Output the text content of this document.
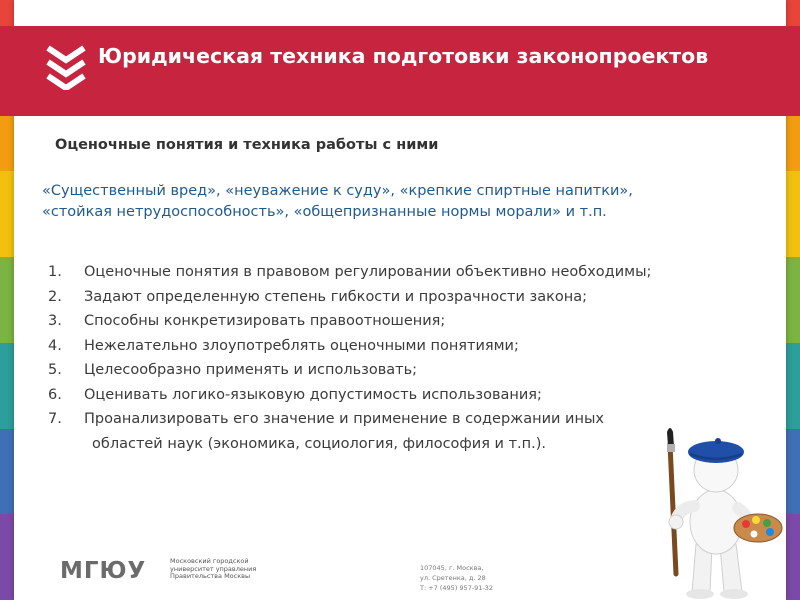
Юридическая техника подготовки законопроектов
Оценочные понятия и техника работы с ними
«Существенный вред», «неуважение к суду», «крепкие спиртные напитки»,
«стойкая нетрудоспособность», «общепризнанные нормы морали» и т.п.
1. Оценочные понятия в правовом регулировании объективно необходимы;
2. Задают определенную степень гибкости и прозрачности закона;
3. Способны конкретизировать правоотношения;
4. Нежелательно злоупотреблять оценочными понятиями;
5. Целесообразно применять и использовать;
6. Оценивать логико-языковую допустимость использования;
7. Проанализировать его значение и применение в содержании иных
областей наук (экономика, социология, философия и т.п.).
МГЮУ	Московский городской
университет управления
Правительства Москвы
107045, г. Москва,
ул. Сретенка, д. 28
Т: +7 (495) 957-91-32
